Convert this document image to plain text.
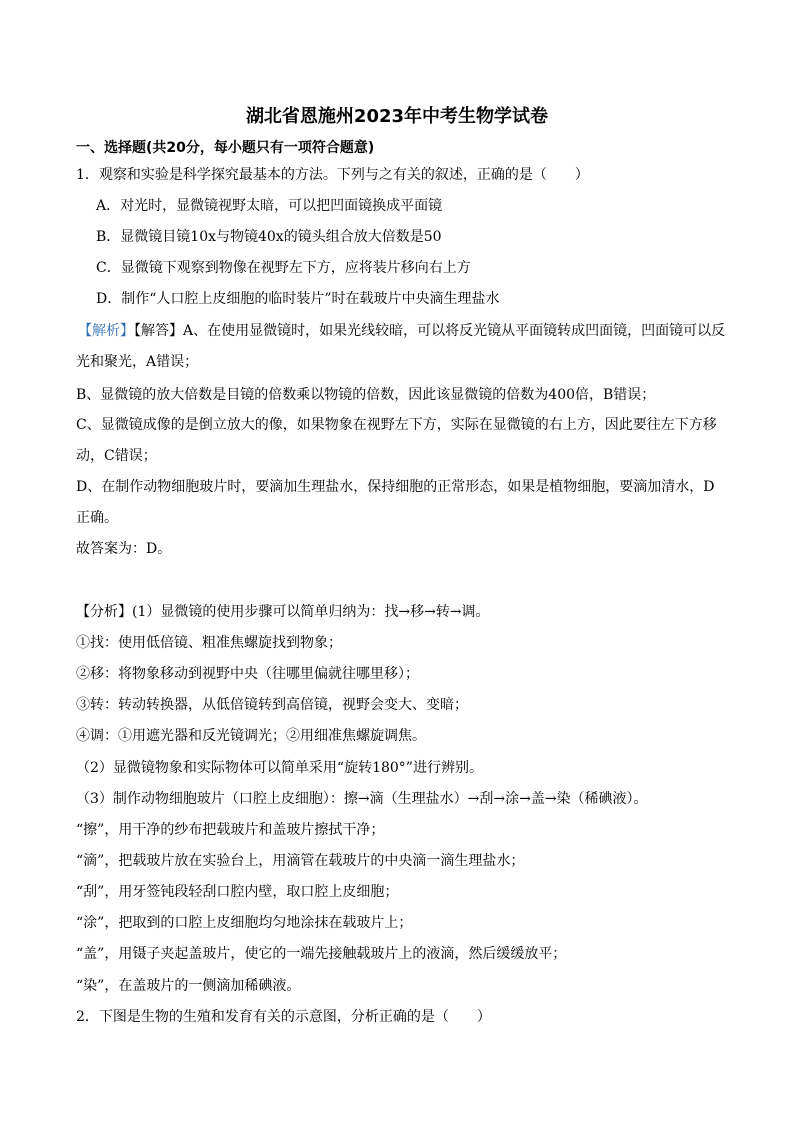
湖北省恩施州2023年中考生物学试卷
一、选择题(共20分，每小题只有一项符合题意)
1．观察和实验是科学探究最基本的方法。下列与之有关的叙述，正确的是（　　）
A．对光时，显微镜视野太暗，可以把凹面镜换成平面镜
B．显微镜目镜10x与物镜40x的镜头组合放大倍数是50
C．显微镜下观察到物像在视野左下方，应将装片移向右上方
D．制作“人口腔上皮细胞的临时装片”时在载玻片中央滴生理盐水
【解析】【解答】A、在使用显微镜时，如果光线较暗，可以将反光镜从平面镜转成凹面镜，凹面镜可以反
光和聚光，A错误；
B、显微镜的放大倍数是目镜的倍数乘以物镜的倍数，因此该显微镜的倍数为400倍，B错误；
C、显微镜成像的是倒立放大的像，如果物象在视野左下方，实际在显微镜的右上方，因此要往左下方移
动，C错误；
D、在制作动物细胞玻片时，要滴加生理盐水，保持细胞的正常形态，如果是植物细胞，要滴加清水，D
正确。
故答案为：D。
【分析】(1）显微镜的使用步骤可以简单归纳为：找→移→转→调。
①找：使用低倍镜、粗准焦螺旋找到物象；
②移：将物象移动到视野中央（往哪里偏就往哪里移）；
③转：转动转换器，从低倍镜转到高倍镜，视野会变大、变暗；
④调：①用遮光器和反光镜调光；②用细准焦螺旋调焦。
（2）显微镜物象和实际物体可以简单采用“旋转180°”进行辨别。
（3）制作动物细胞玻片（口腔上皮细胞）：擦→滴（生理盐水）→刮→涂→盖→染（稀碘液）。
“擦”，用干净的纱布把载玻片和盖玻片擦拭干净；
“滴”，把载玻片放在实验台上，用滴管在载玻片的中央滴一滴生理盐水；
“刮”，用牙签钝段轻刮口腔内壁，取口腔上皮细胞；
“涂”，把取到的口腔上皮细胞均匀地涂抹在载玻片上；
“盖”，用镊子夹起盖玻片，使它的一端先接触载玻片上的液滴，然后缓缓放平；
“染”，在盖玻片的一侧滴加稀碘液。
2．下图是生物的生殖和发育有关的示意图，分析正确的是（　　）
